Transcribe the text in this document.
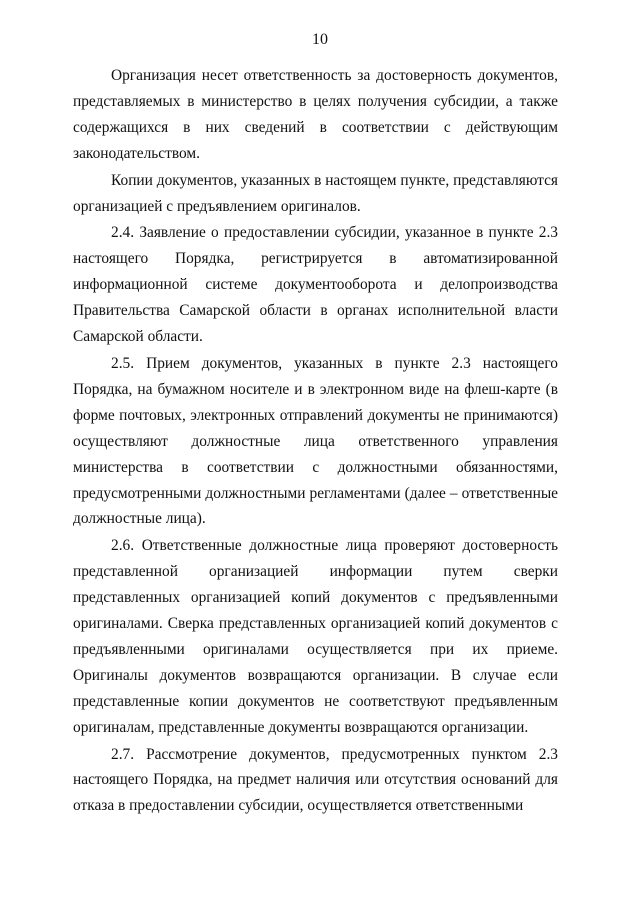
10

Организация несет ответственность за достоверность документов, представляемых в министерство в целях получения субсидии, а также содержащихся в них сведений в соответствии с действующим законодательством.

Копии документов, указанных в настоящем пункте, представляются организацией с предъявлением оригиналов.

2.4. Заявление о предоставлении субсидии, указанное в пункте 2.3 настоящего Порядка, регистрируется в автоматизированной информационной системе документооборота и делопроизводства Правительства Самарской области в органах исполнительной власти Самарской области.

2.5. Прием документов, указанных в пункте 2.3 настоящего Порядка, на бумажном носителе и в электронном виде на флеш-карте (в форме почтовых, электронных отправлений документы не принимаются) осуществляют должностные лица ответственного управления министерства в соответствии с должностными обязанностями, предусмотренными должностными регламентами (далее – ответственные должностные лица).

2.6. Ответственные должностные лица проверяют достоверность представленной организацией информации путем сверки представленных организацией копий документов с предъявленными оригиналами. Сверка представленных организацией копий документов с предъявленными оригиналами осуществляется при их приеме. Оригиналы документов возвращаются организации. В случае если представленные копии документов не соответствуют предъявленным оригиналам, представленные документы возвращаются организации.

2.7. Рассмотрение документов, предусмотренных пунктом 2.3 настоящего Порядка, на предмет наличия или отсутствия оснований для отказа в предоставлении субсидии, осуществляется ответственными
